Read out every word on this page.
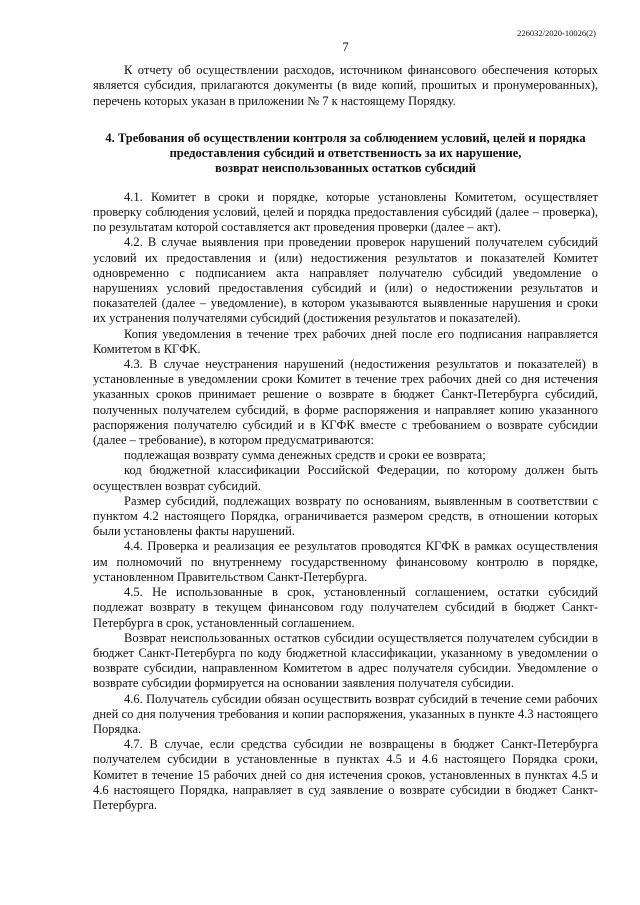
226032/2020-10026(2)
7

К отчету об осуществлении расходов, источником финансового обеспечения которых является субсидия, прилагаются документы (в виде копий, прошитых и пронумерованных), перечень которых указан в приложении № 7 к настоящему Порядку.

4. Требования об осуществлении контроля за соблюдением условий, целей и порядка
предоставления субсидий и ответственность за их нарушение,
возврат неиспользованных остатков субсидий

4.1. Комитет в сроки и порядке, которые установлены Комитетом, осуществляет проверку соблюдения условий, целей и порядка предоставления субсидий (далее – проверка), по результатам которой составляется акт проведения проверки (далее – акт).

4.2. В случае выявления при проведении проверок нарушений получателем субсидий условий их предоставления и (или) недостижения результатов и показателей Комитет одновременно с подписанием акта направляет получателю субсидий уведомление о нарушениях условий предоставления субсидий и (или) о недостижении результатов и показателей (далее – уведомление), в котором указываются выявленные нарушения и сроки их устранения получателями субсидий (достижения результатов и показателей).

Копия уведомления в течение трех рабочих дней после его подписания направляется Комитетом в КГФК.

4.3. В случае неустранения нарушений (недостижения результатов и показателей) в установленные в уведомлении сроки Комитет в течение трех рабочих дней со дня истечения указанных сроков принимает решение о возврате в бюджет Санкт-Петербурга субсидий, полученных получателем субсидий, в форме распоряжения и направляет копию указанного распоряжения получателю субсидий и в КГФК вместе с требованием о возврате субсидии (далее – требование), в котором предусматриваются:

подлежащая возврату сумма денежных средств и сроки ее возврата;

код бюджетной классификации Российской Федерации, по которому должен быть осуществлен возврат субсидий.

Размер субсидий, подлежащих возврату по основаниям, выявленным в соответствии с пунктом 4.2 настоящего Порядка, ограничивается размером средств, в отношении которых были установлены факты нарушений.

4.4. Проверка и реализация ее результатов проводятся КГФК в рамках осуществления им полномочий по внутреннему государственному финансовому контролю в порядке, установленном Правительством Санкт-Петербурга.

4.5. Не использованные в срок, установленный соглашением, остатки субсидий подлежат возврату в текущем финансовом году получателем субсидий в бюджет Санкт-Петербурга в срок, установленный соглашением.

Возврат неиспользованных остатков субсидии осуществляется получателем субсидии в бюджет Санкт-Петербурга по коду бюджетной классификации, указанному в уведомлении о возврате субсидии, направленном Комитетом в адрес получателя субсидии. Уведомление о возврате субсидии формируется на основании заявления получателя субсидии.

4.6. Получатель субсидии обязан осуществить возврат субсидий в течение семи рабочих дней со дня получения требования и копии распоряжения, указанных в пункте 4.3 настоящего Порядка.

4.7. В случае, если средства субсидии не возвращены в бюджет Санкт-Петербурга получателем субсидии в установленные в пунктах 4.5 и 4.6 настоящего Порядка сроки, Комитет в течение 15 рабочих дней со дня истечения сроков, установленных в пунктах 4.5 и 4.6 настоящего Порядка, направляет в суд заявление о возврате субсидии в бюджет Санкт-Петербурга.
